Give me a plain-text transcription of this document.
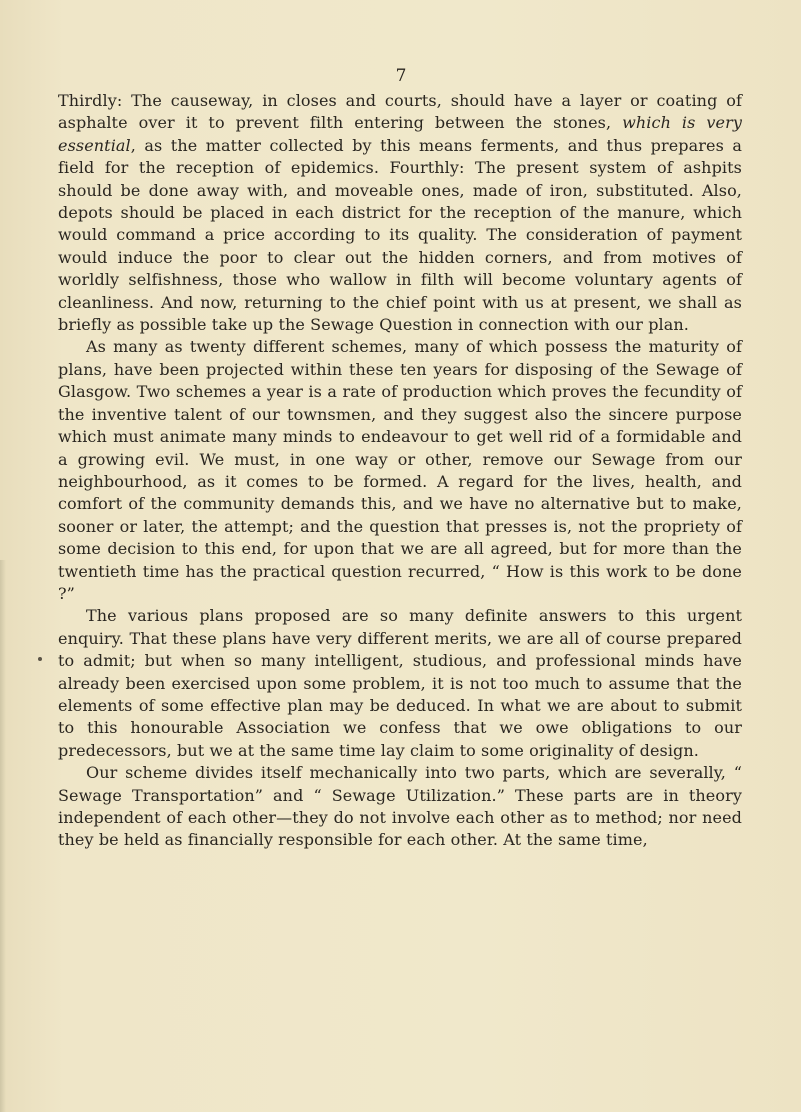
7

Thirdly: The causeway, in closes and courts, should have a layer or coating of asphalte over it to prevent filth entering between the stones, which is very essential, as the matter collected by this means ferments, and thus prepares a field for the reception of epidemics. Fourthly: The present system of ashpits should be done away with, and moveable ones, made of iron, substituted. Also, depots should be placed in each district for the reception of the manure, which would command a price according to its quality. The consideration of payment would induce the poor to clear out the hidden corners, and from motives of worldly selfishness, those who wallow in filth will become voluntary agents of cleanliness. And now, returning to the chief point with us at present, we shall as briefly as possible take up the Sewage Question in connection with our plan.

As many as twenty different schemes, many of which possess the maturity of plans, have been projected within these ten years for disposing of the Sewage of Glasgow. Two schemes a year is a rate of production which proves the fecundity of the inventive talent of our townsmen, and they suggest also the sincere purpose which must animate many minds to endeavour to get well rid of a formidable and a growing evil. We must, in one way or other, remove our Sewage from our neighbourhood, as it comes to be formed. A regard for the lives, health, and comfort of the community demands this, and we have no alternative but to make, sooner or later, the attempt; and the question that presses is, not the propriety of some decision to this end, for upon that we are all agreed, but for more than the twentieth time has the practical question recurred, “ How is this work to be done ?”

The various plans proposed are so many definite answers to this urgent enquiry. That these plans have very different merits, we are all of course prepared to admit; but when so many intelligent, studious, and professional minds have already been exercised upon some problem, it is not too much to assume that the elements of some effective plan may be deduced. In what we are about to submit to this honourable Association we confess that we owe obligations to our predecessors, but we at the same time lay claim to some originality of design.

Our scheme divides itself mechanically into two parts, which are severally, “ Sewage Transportation” and “ Sewage Utilization.” These parts are in theory independent of each other—they do not involve each other as to method; nor need they be held as financially responsible for each other. At the same time,
